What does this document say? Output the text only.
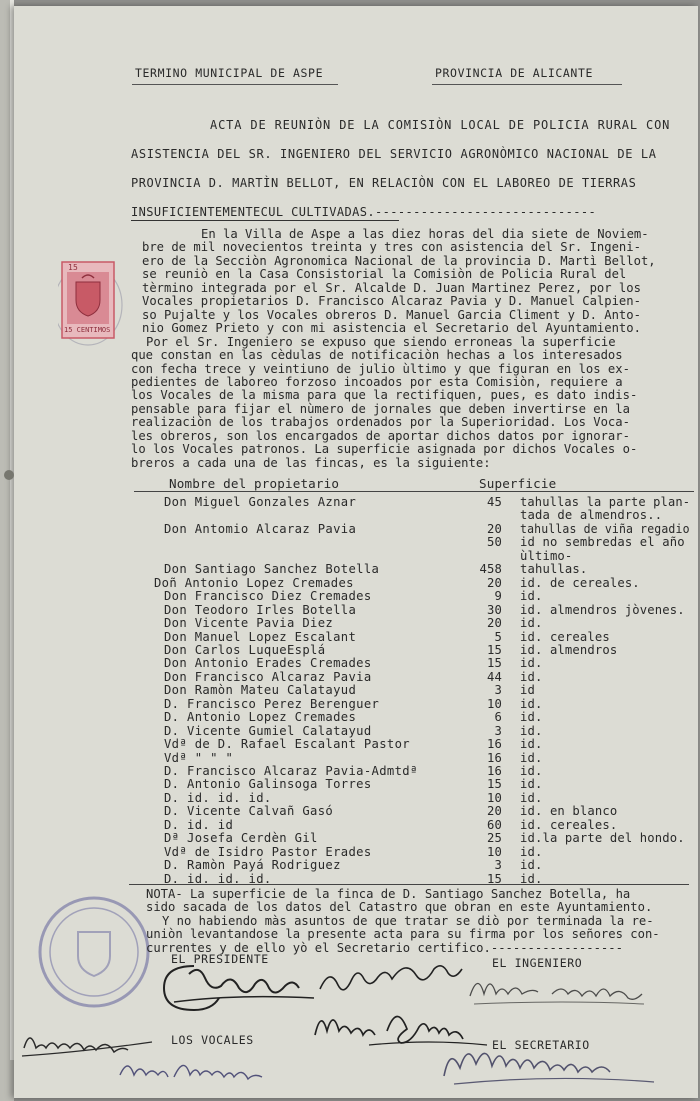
TERMINO MUNICIPAL DE ASPE	PROVINCIA DE ALICANTE
ACTA DE REUNIÒN DE LA COMISIÒN LOCAL DE POLICIA RURAL CON
ASISTENCIA DEL SR. INGENIERO DEL SERVICIO AGRONÒMICO NACIONAL DE LA
PROVINCIA D. MARTÌN BELLOT, EN RELACIÒN CON EL LABOREO DE TIERRAS
INSUFICIENTEMENTECUL CULTIVADAS.-----------------------------
15
15 CENTIMOS
Nombre del propietario	Superficie
EL PRESIDENTE	EL INGENIERO
LOS VOCALES	EL SECRETARIO
En la Villa de Aspe a las diez horas del dia siete de Noviem-
bre de mil novecientos treinta y tres con asistencia del Sr. Ingeni-
ero de la Secciòn Agronomica Nacional de la provincia D. Martì Bellot,
se reuniò en la Casa Consistorial la Comisiòn de Policia Rural del
tèrmino integrada por el Sr. Alcalde D. Juan Martinez Perez, por los
Vocales propietarios D. Francisco Alcaraz Pavia y D. Manuel Calpien-
so Pujalte y los Vocales obreros D. Manuel Garcia Climent y D. Anto-
nio Gomez Prieto y con mi asistencia el Secretario del Ayuntamiento.
Por el Sr. Ingeniero se expuso que siendo erroneas la superficie
que constan en las cèdulas de notificaciòn hechas a los interesados
con fecha trece y veintiuno de julio ùltimo y que figuran en los ex-
pedientes de laboreo forzoso incoados por esta Comisiòn, requiere a
los Vocales de la misma para que la rectifiquen, pues, es dato indis-
pensable para fijar el nùmero de jornales que deben invertirse en la
realizaciòn de los trabajos ordenados por la Superioridad. Los Voca-
les obreros, son los encargados de aportar dichos datos por ignorar-
lo los Vocales patronos. La superficie asignada por dichos Vocales o-
breros a cada una de las fincas, es la siguiente:
Don Miguel Gonzales Aznar	45 tahullas la parte plan-
tada de almendros..
Don Antomio Alcaraz Pavia	20 tahullas de viña regadio
50 id no sembredas el año
ùltimo-
Don Santiago Sanchez Botella	458 tahullas.
Doñ Antonio Lopez Cremades	20 id. de cereales.
Don Francisco Diez Cremades	9 id.
Don Teodoro Irles Botella	30 id. almendros jòvenes.
Don Vicente Pavia Diez	20 id.
Don Manuel Lopez Escalant	5 id. cereales
Don Carlos LuqueEsplá	15 id. almendros
Don Antonio Erades Cremades	15 id.
Don Francisco Alcaraz Pavia	44 id.
Don Ramòn Mateu Calatayud	3 id
D. Francisco Perez Berenguer	10 id.
D. Antonio Lopez Cremades	6 id.
D. Vicente Gumiel Calatayud	3 id.
Vdª de D. Rafael Escalant Pastor	16 id.
Vdª " " "	16 id.
D. Francisco Alcaraz Pavia-Admtdª	16 id.
D. Antonio Galinsoga Torres	15 id.
D. id. id. id.	10 id.
D. Vicente Calvañ Gasó	20 id. en blanco
D. id. id	60 id. cereales.
Dª Josefa Cerdèn Gil	25 id.la parte del hondo.
Vdª de Isidro Pastor Erades	10 id.
D. Ramòn Payá Rodriguez	3 id.
D. id. id. id.	15 id.
NOTA- La superficie de la finca de D. Santiago Sanchez Botella, ha
sido sacada de los datos del Catastro que obran en este Ayuntamiento.
Y no habiendo màs asuntos de que tratar se diò por terminada la re-
uniòn levantandose la presente acta para su firma por los señores con-
currentes y de ello yò el Secretario certifico.------------------
